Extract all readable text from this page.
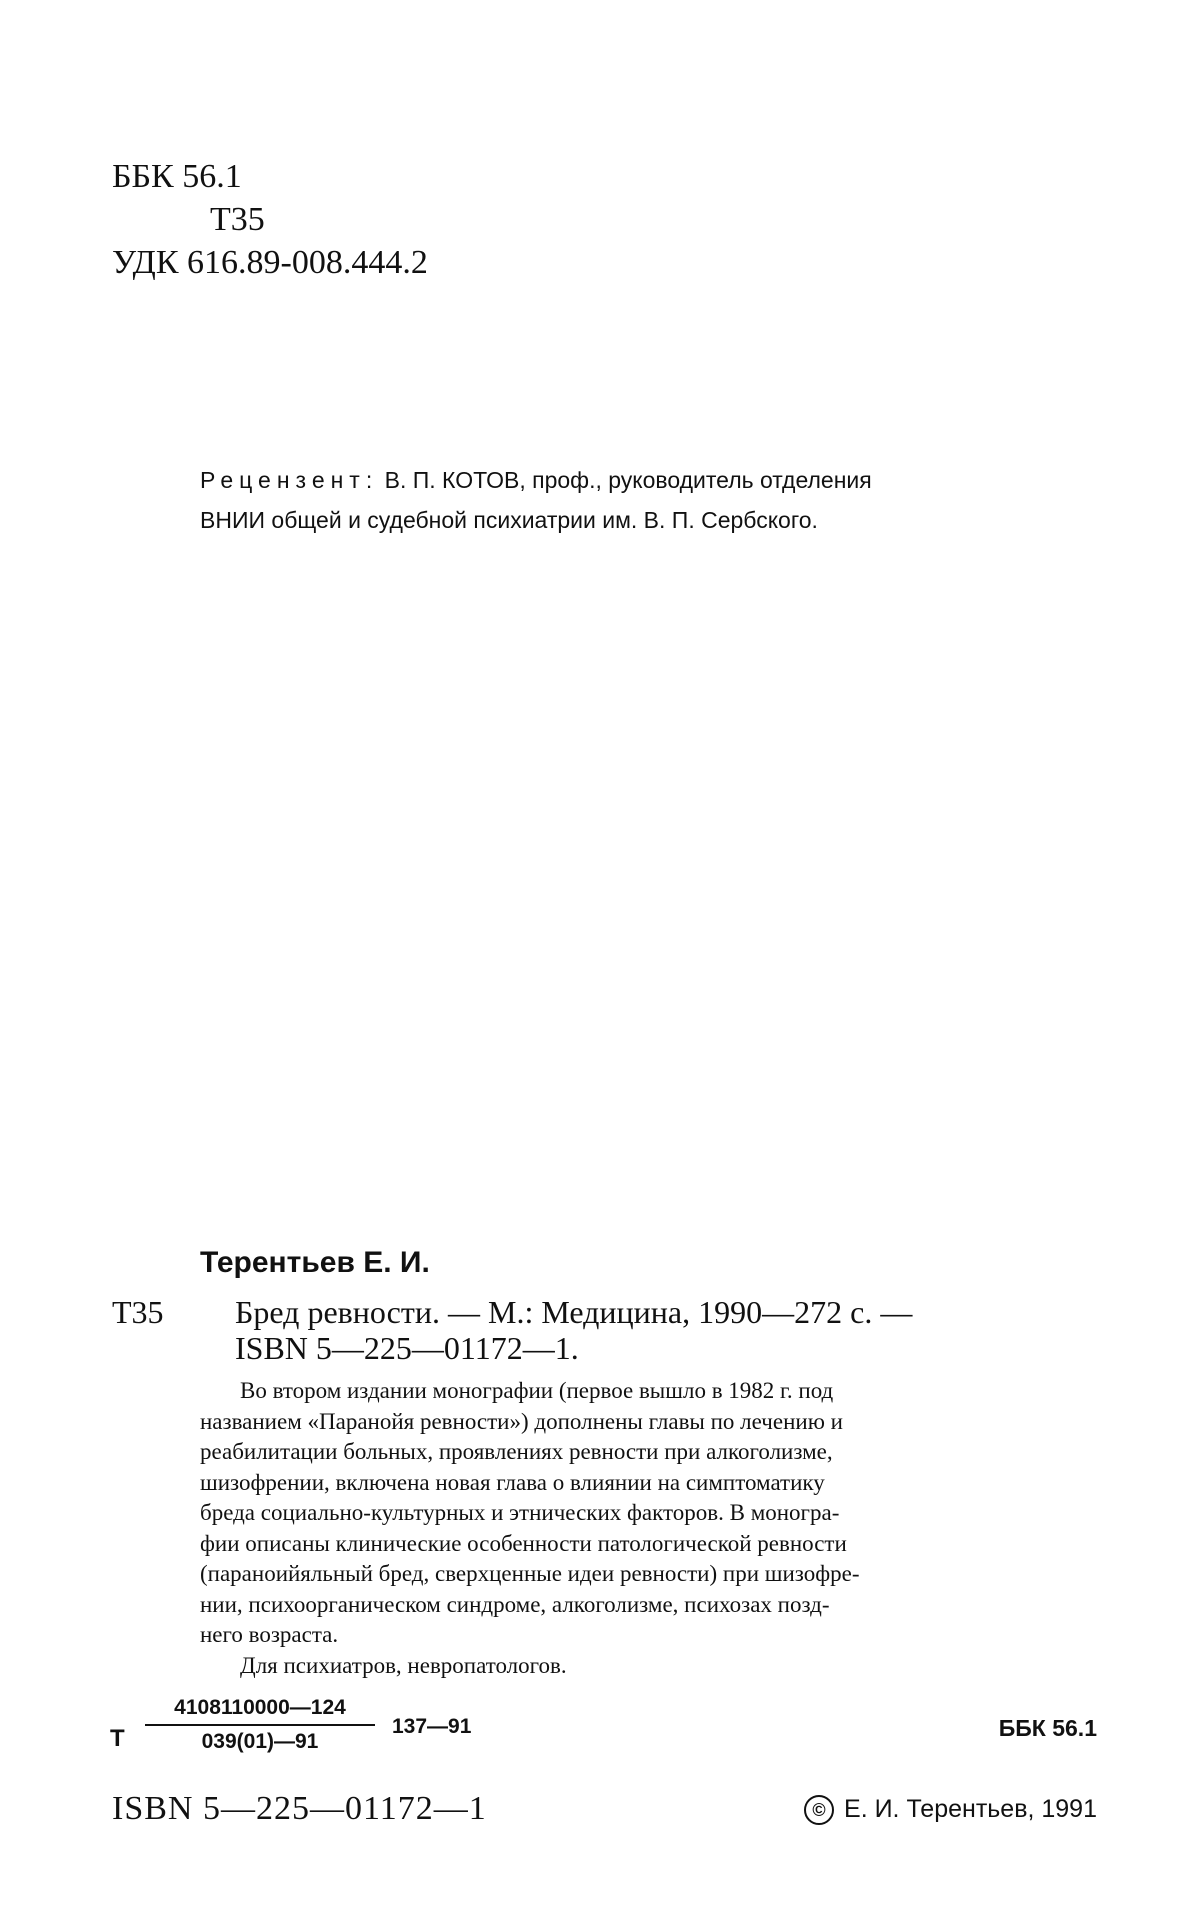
ББК 56.1
Т35
УДК 616.89-008.444.2
Рецензент: В. П. КОТОВ, проф., руководитель отделения
ВНИИ общей и судебной психиатрии им. В. П. Сербского.
Терентьев Е. И.
Т35 Бред ревности. — М.: Медицина, 1990—272 с. —
ISBN 5—225—01172—1.
Во втором издании монографии (первое вышло в 1982 г. под
названием «Паранойя ревности») дополнены главы по лечению и
реабилитации больных, проявлениях ревности при алкоголизме,
шизофрении, включена новая глава о влиянии на симптоматику
бреда социально-культурных и этнических факторов. В моногра-
фии описаны клинические особенности патологической ревности
(параноийяльный бред, сверхценные идеи ревности) при шизофре-
нии, психоорганическом синдроме, алкоголизме, психозах позд-
него возраста.
Для психиатров, невропатологов.
Т $\frac{4108110000—124}{039(01)—91}$ 137—91	ББК 56.1
ISBN 5—225—01172—1	© Е. И. Терентьев, 1991
